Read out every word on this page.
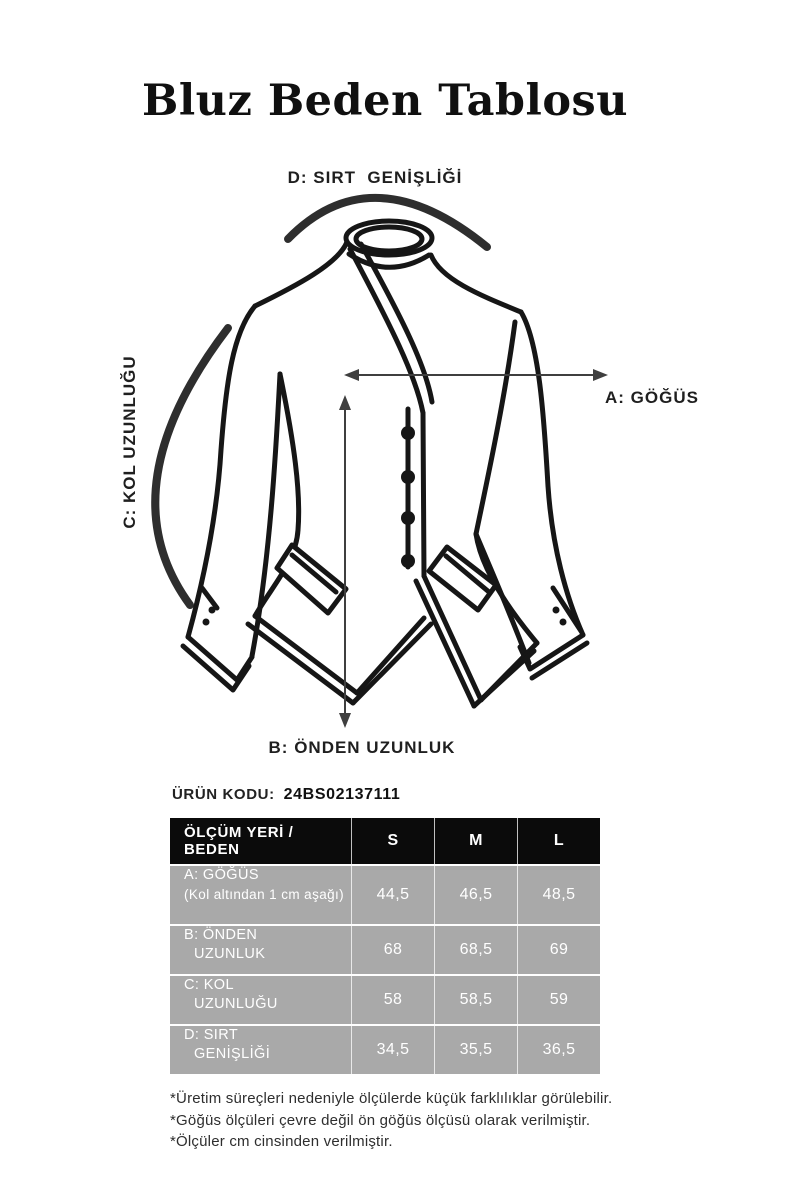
Bluz Beden Tablosu
D: SIRT  GENİŞLİĞİ
C: KOL UZUNLUĞU	A: GÖĞÜS
B: ÖNDEN UZUNLUK
ÜRÜN KODU: 24BS02137111
ÖLÇÜM YERİ / BEDEN
S	M	L
A: GÖĞÜS
(Kol altından 1 cm aşağı)	44,5	46,5	48,5
B: ÖNDEN
UZUNLUK	68	68,5	69
C: KOL
UZUNLUĞU	58	58,5	59
D: SIRT
GENİŞLİĞİ	34,5	35,5	36,5
*Üretim süreçleri nedeniyle ölçülerde küçük farklılıklar görülebilir.
*Göğüs ölçüleri çevre değil ön göğüs ölçüsü olarak verilmiştir.
*Ölçüler cm cinsinden verilmiştir.
